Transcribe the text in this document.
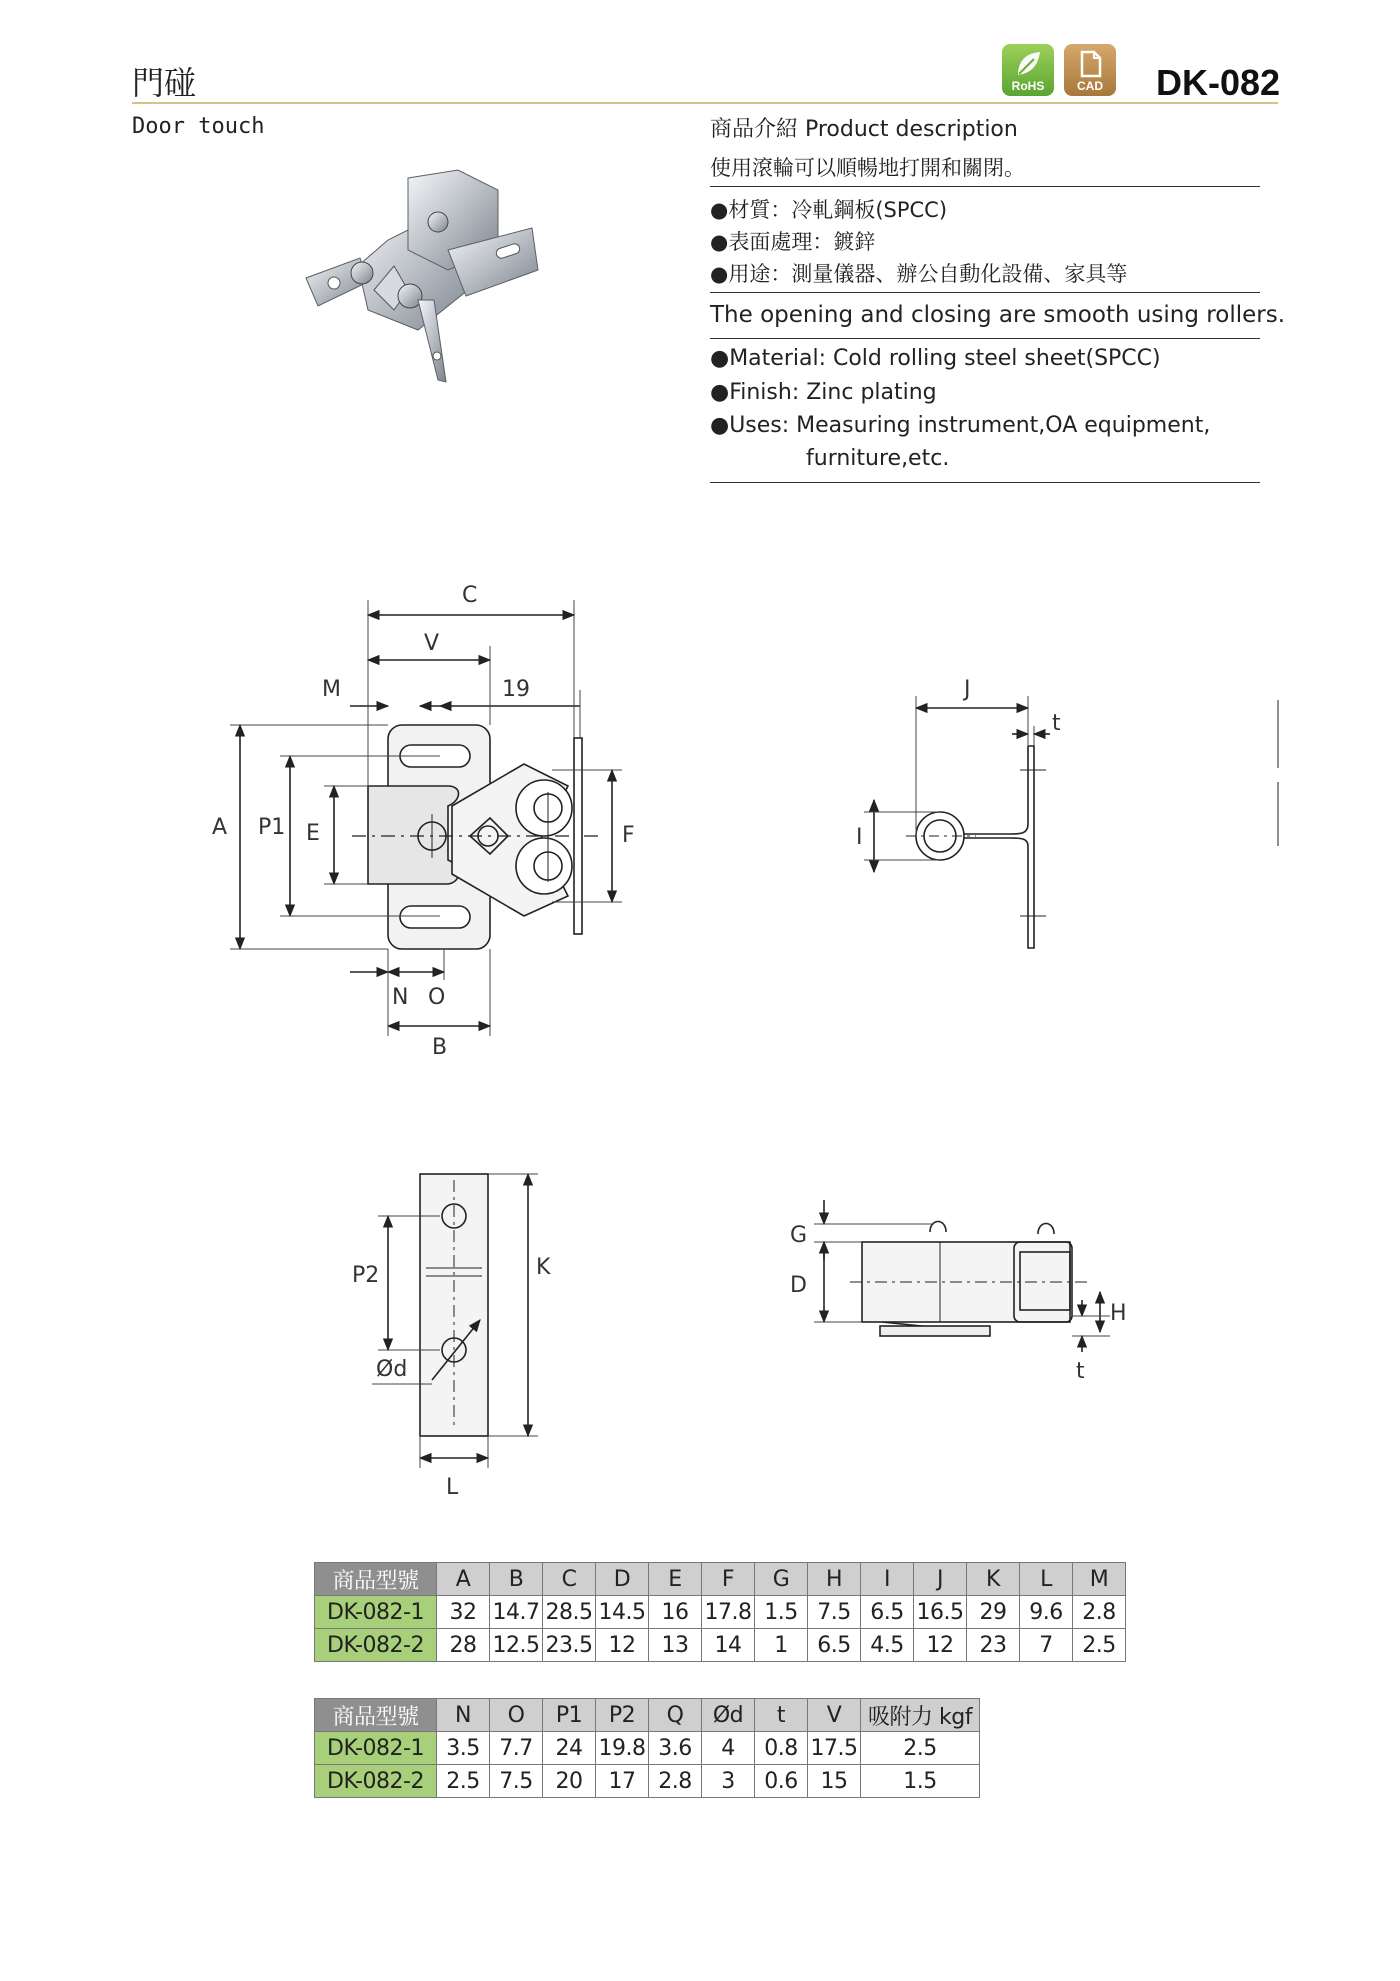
門碰
Door touch
RoHS	CAD	DK-082
商品介紹 Product description
使用滾輪可以順暢地打開和關閉。
●材質：冷軋鋼板(SPCC)
●表面處理：鍍鋅
●用途：測量儀器、辦公自動化設備、家具等
The opening and closing are smooth using rollers.
●Material: Cold rolling steel sheet(SPCC)
●Finish: Zinc plating
●Uses: Measuring instrument,OA equipment,
furniture,etc.
C
V
M	19
A P1 E	F
N O
B
J
t
I
P2	K
Ød
L
G
D
H
t
商品型號	A	B	C	D	E	F	G	H	I	J	K	L	M
DK-082-1	32	14.7	28.5	14.5	16	17.8	1.5	7.5	6.5	16.5	29	9.6	2.8
DK-082-2	28	12.5	23.5	12	13	14	1	6.5	4.5	12	23	7	2.5
商品型號	N	O	P1	P2	Q	Ød	t	V	吸附力 kgf
DK-082-1	3.5	7.7	24	19.8	3.6	4	0.8	17.5	2.5
DK-082-2	2.5	7.5	20	17	2.8	3	0.6	15	1.5
